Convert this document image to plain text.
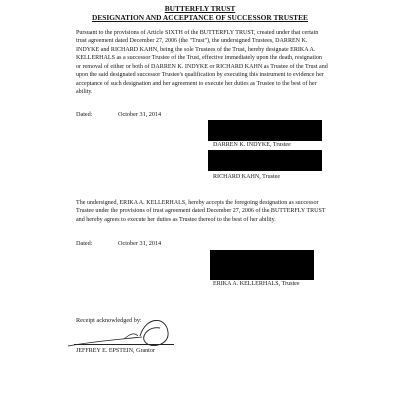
BUTTERFLY TRUST
DESIGNATION AND ACCEPTANCE OF SUCCESSOR TRUSTEE
Pursuant to the provisions of Article SIXTH of the BUTTERFLY TRUST, created under that certain trust agreement dated December 27, 2006 (the "Trust"), the undersigned Trustees, DARREN K. INDYKE and RICHARD KAHN, being the sole Trustees of the Trust, hereby designate ERIKA A. KELLERHALS as a successor Trustee of the Trust, effective immediately upon the death, resignation or removal of either or both of DARREN K. INDYKE or RICHARD KAHN as Trustee of the Trust and upon the said designated successor Trustee's qualification by executing this instrument to evidence her acceptance of such designation and her agreement to execute her duties as Trustee to the best of her ability.
Dated:	October 31, 2014
DARREN K. INDYKE, Trustee
RICHARD KAHN, Trustee
The undersigned, ERIKA A. KELLERHALS, hereby accepts the foregoing designation as successor Trustee under the provisions of trust agreement dated December 27, 2006 of the BUTTERFLY TRUST and hereby agrees to execute her duties as Trustee thereof to the best of her ability.
Dated:	October 31, 2014
ERIKA A. KELLERHALS, Trustee
Receipt acknowledged by:
JEFFREY E. EPSTEIN, Grantor
